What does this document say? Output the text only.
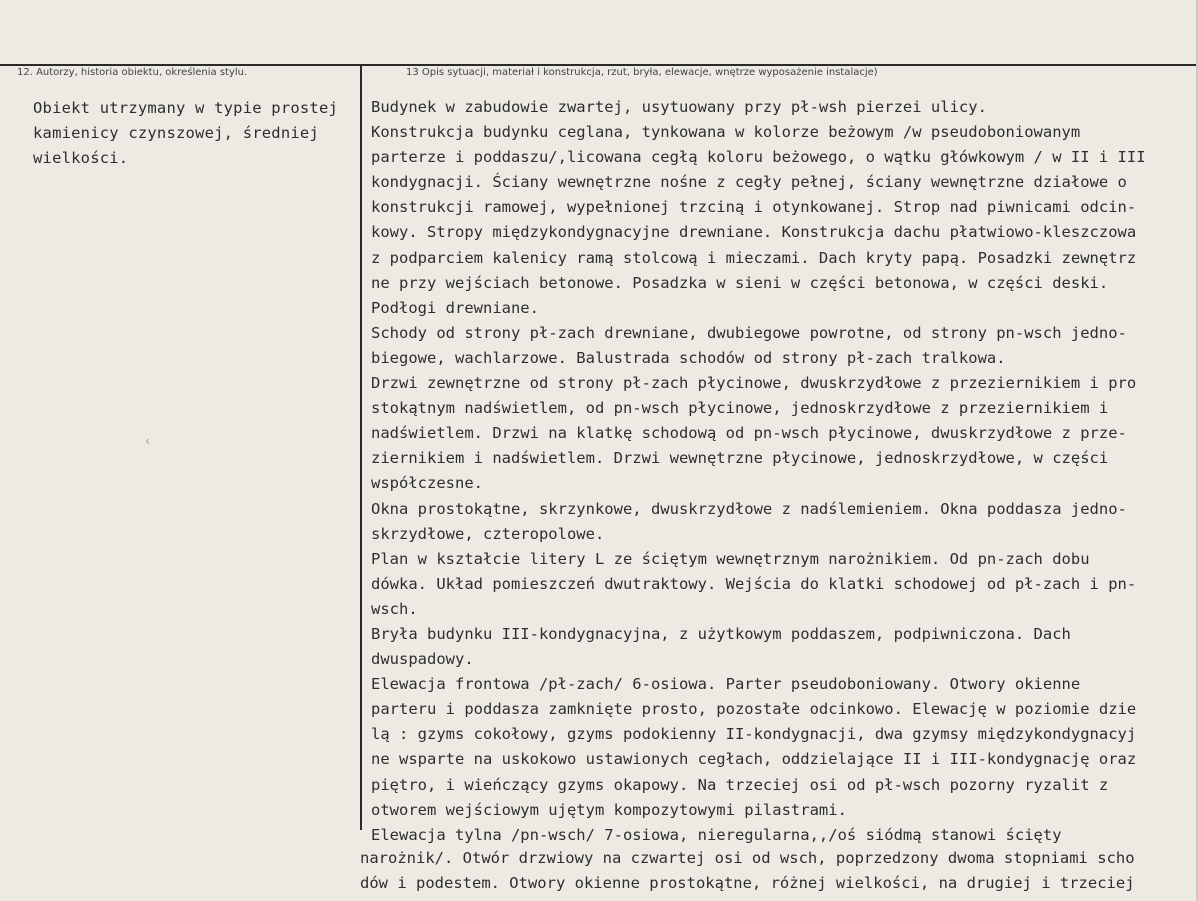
12. Autorzy, historia obiektu, określenia stylu.	13 Opis sytuacji, materiał i konstrukcja, rzut, bryła, elewacje, wnętrze wyposażenie instalacje)
Obiekt utrzymany w typie prostej
kamienicy czynszowej, średniej
wielkości.
‹
Budynek w zabudowie zwartej, usytuowany przy pł-wsh pierzei ulicy.
Konstrukcja budynku ceglana, tynkowana w kolorze beżowym /w pseudoboniowanym
parterze i poddaszu/,licowana cegłą koloru beżowego, o wątku główkowym / w II i III
kondygnacji. Ściany wewnętrzne nośne z cegły pełnej, ściany wewnętrzne działowe o
konstrukcji ramowej, wypełnionej trzciną i otynkowanej. Strop nad piwnicami odcin-
kowy. Stropy międzykondygnacyjne drewniane. Konstrukcja dachu płatwiowo-kleszczowa
z podparciem kalenicy ramą stolcową i mieczami. Dach kryty papą. Posadzki zewnętrz
ne przy wejściach betonowe. Posadzka w sieni w części betonowa, w części deski.
Podłogi drewniane.
Schody od strony pł-zach drewniane, dwubiegowe powrotne, od strony pn-wsch jedno-
biegowe, wachlarzowe. Balustrada schodów od strony pł-zach tralkowa.
Drzwi zewnętrzne od strony pł-zach płycinowe, dwuskrzydłowe z przeziernikiem i pro
stokątnym nadświetlem, od pn-wsch płycinowe, jednoskrzydłowe z przeziernikiem i
nadświetlem. Drzwi na klatkę schodową od pn-wsch płycinowe, dwuskrzydłowe z prze-
ziernikiem i nadświetlem. Drzwi wewnętrzne płycinowe, jednoskrzydłowe, w części
współczesne.
Okna prostokątne, skrzynkowe, dwuskrzydłowe z nadślemieniem. Okna poddasza jedno-
skrzydłowe, czteropolowe.
Plan w kształcie litery L ze ściętym wewnętrznym narożnikiem. Od pn-zach dobu
dówka. Układ pomieszczeń dwutraktowy. Wejścia do klatki schodowej od pł-zach i pn-
wsch.
Bryła budynku III-kondygnacyjna, z użytkowym poddaszem, podpiwniczona. Dach
dwuspadowy.
Elewacja frontowa /pł-zach/ 6-osiowa. Parter pseudoboniowany. Otwory okienne
parteru i poddasza zamknięte prosto, pozostałe odcinkowo. Elewację w poziomie dzie
lą : gzyms cokołowy, gzyms podokienny II-kondygnacji, dwa gzymsy międzykondygnacyj
ne wsparte na uskokowo ustawionych cegłach, oddzielające II i III-kondygnację oraz
piętro, i wieńczący gzyms okapowy. Na trzeciej osi od pł-wsch pozorny ryzalit z
otworem wejściowym ujętym kompozytowymi pilastrami.
Elewacja tylna /pn-wsch/ 7-osiowa, nieregularna,,/oś siódmą stanowi ścięty
narożnik/. Otwór drzwiowy na czwartej osi od wsch, poprzedzony dwoma stopniami scho
dów i podestem. Otwory okienne prostokątne, różnej wielkości, na drugiej i trzeciej
